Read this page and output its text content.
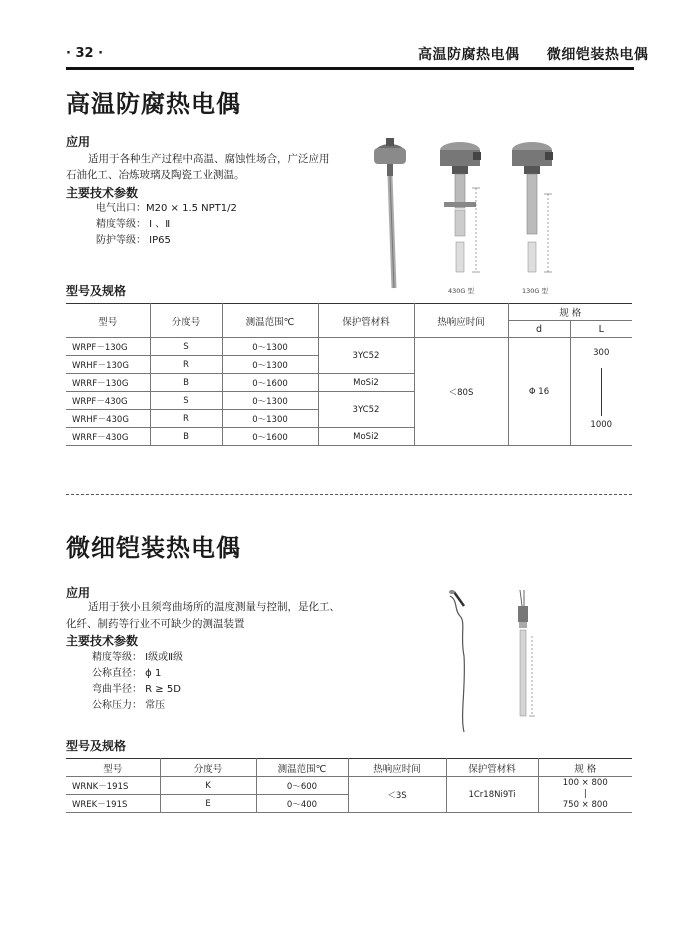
· 32 ·	高温防腐热电偶 微细铠装热电偶
高温防腐热电偶
应用
适用于各种生产过程中高温、腐蚀性场合，广泛应用
石油化工、冶炼玻璃及陶瓷工业测温。
主要技术参数
电气出口：M20 × 1.5 NPT1/2
精度等级： Ⅰ 、Ⅱ
防护等级： IP65
430G 型	130G 型
型号及规格
型号	分度号	测温范围℃	保护管材料	热响应时间	规 格	
					d	L
WRPF－130G	S	0～1300	3YC52	＜80S	Φ 16	300
1000

WRHF－130G	R	0～1300				
WRRF－130G	B	0～1600	MoSi2			
WRPF－430G	S	0～1300	3YC52			
WRHF－430G	R	0～1300				
WRRF－430G	B	0～1600	MoSi2			
微细铠装热电偶
应用
适用于狭小且须弯曲场所的温度测量与控制，是化工、
化纤、制药等行业不可缺少的测温装置
主要技术参数
精度等级： Ⅰ级或Ⅱ级
公称直径： ϕ 1
弯曲半径： R ≥ 5D
公称压力： 常压
型号及规格
型号	分度号	测温范围℃	热响应时间	保护管材料	规 格
WRNK－191S	K	0～600	＜3S	1Cr18Ni9Ti	100 × 800
|
750 × 800

WREK－191S	E	0～400			
